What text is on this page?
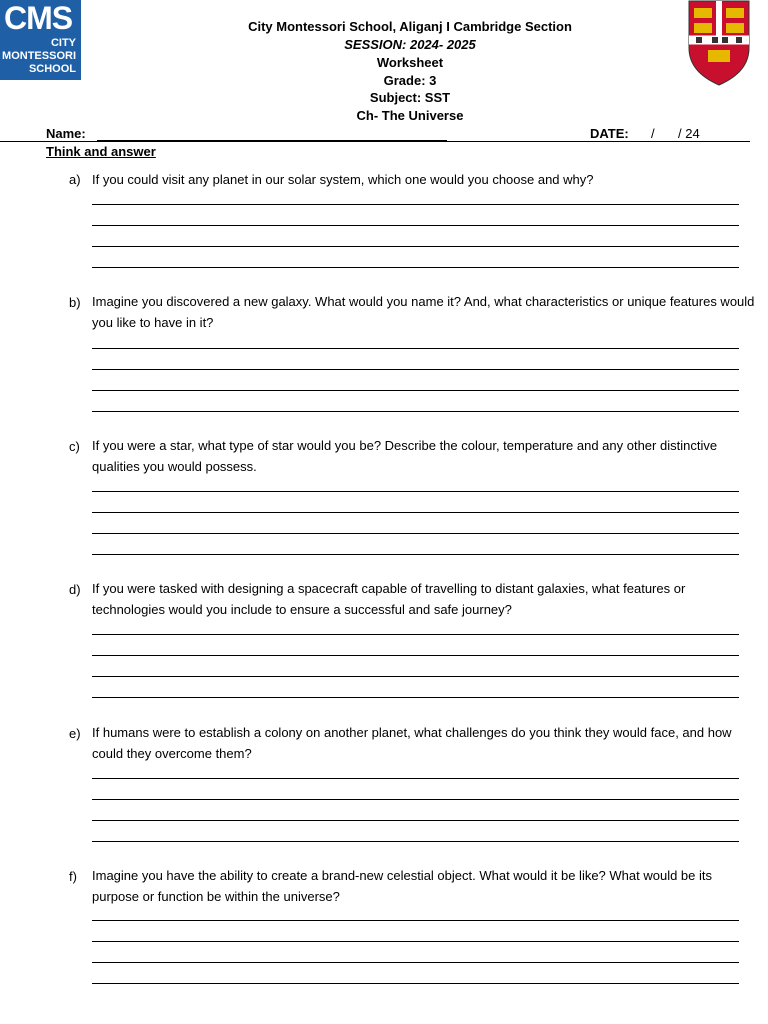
CMS
CITY
MONTESSORI
SCHOOL
City Montessori School, Aliganj I Cambridge Section
SESSION: 2024- 2025
Worksheet
Grade: 3
Subject: SST
Ch- The Universe
Name:	DATE: / / 24
Think and answer
a) If you could visit any planet in our solar system, which one would you choose and why?
b) Imagine you discovered a new galaxy. What would you name it? And, what characteristics or unique features would you like to have in it?
c) If you were a star, what type of star would you be? Describe the colour, temperature and any other distinctive qualities you would possess.
d) If you were tasked with designing a spacecraft capable of travelling to distant galaxies, what features or technologies would you include to ensure a successful and safe journey?
e) If humans were to establish a colony on another planet, what challenges do you think they would face, and how could they overcome them?
f) Imagine you have the ability to create a brand-new celestial object. What would it be like? What would be its purpose or function be within the universe?
